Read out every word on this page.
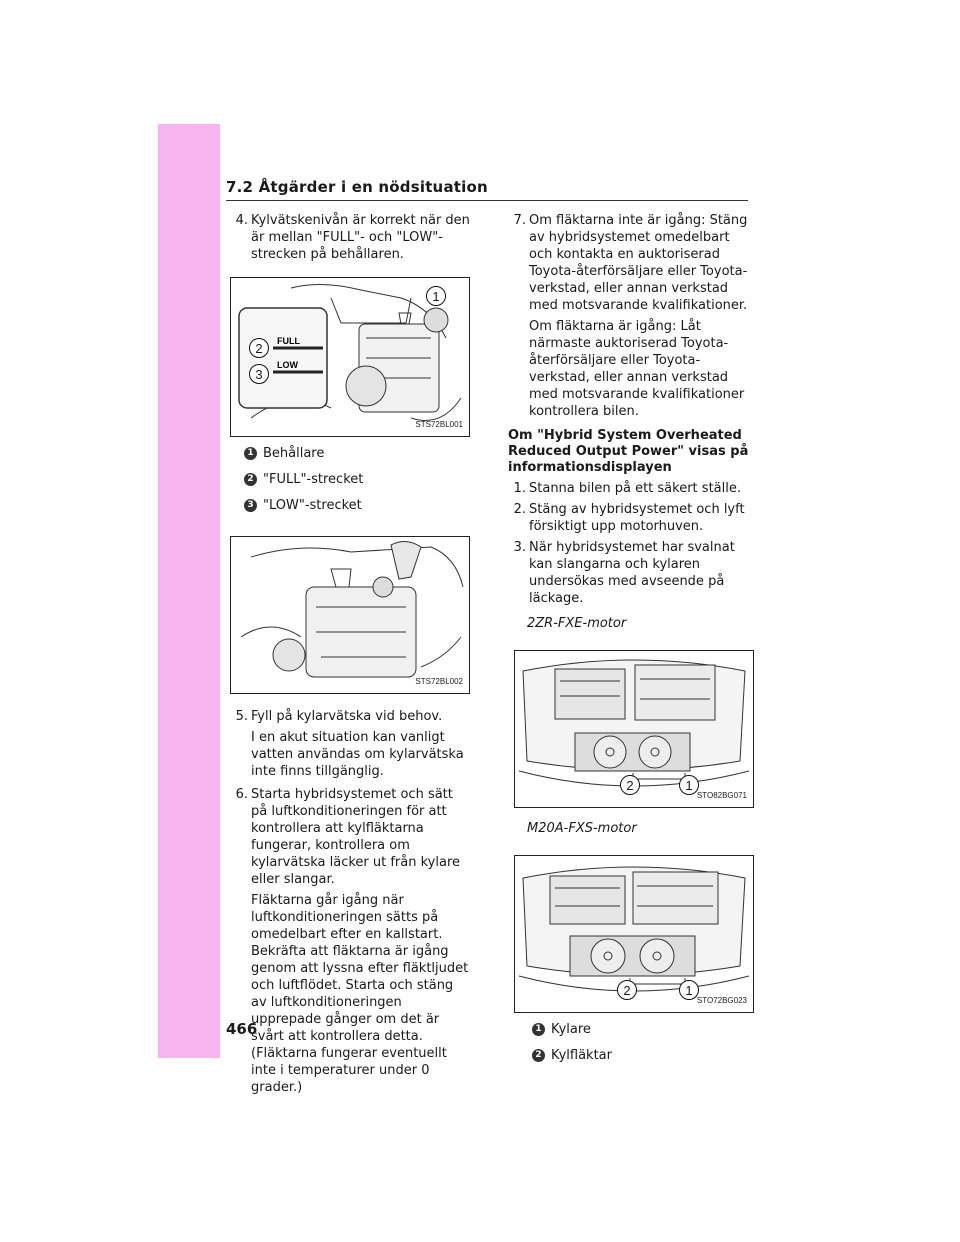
7.2 Åtgärder i en nödsituation
4. Kylvätskenivån är korrekt när den är mellan "FULL"- och "LOW"-strecken på behållaren.
FULL
LOW
1
2
3
STS72BL001
1 Behållare
2 "FULL"-strecket
3 "LOW"-strecket
STS72BL002
5. Fyll på kylarvätska vid behov.
I en akut situation kan vanligt vatten användas om kylarvätska inte finns tillgänglig.
6. Starta hybridsystemet och sätt på luftkonditioneringen för att kontrollera att kylfläktarna fungerar, kontrollera om kylarvätska läcker ut från kylare eller slangar.
Fläktarna går igång när luftkonditioneringen sätts på omedelbart efter en kallstart. Bekräfta att fläktarna är igång genom att lyssna efter fläktljudet och luftflödet. Starta och stäng av luftkonditioneringen upprepade gånger om det är svårt att kontrollera detta. (Fläktarna fungerar eventuellt inte i temperaturer under 0 grader.)
7. Om fläktarna inte är igång: Stäng av hybridsystemet omedelbart och kontakta en auktoriserad Toyota-återförsäljare eller Toyota-verkstad, eller annan verkstad med motsvarande kvalifikationer.
Om fläktarna är igång: Låt närmaste auktoriserad Toyota-återförsäljare eller Toyota-verkstad, eller annan verkstad med motsvarande kvalifikationer kontrollera bilen.
Om "Hybrid System Overheated Reduced Output Power" visas på informationsdisplayen
1. Stanna bilen på ett säkert ställe.
2. Stäng av hybridsystemet och lyft försiktigt upp motorhuven.
3. När hybridsystemet har svalnat kan slangarna och kylaren undersökas med avseende på läckage.
2ZR-FXE-motor
2	1
STO82BG071
M20A-FXS-motor
2	1
STO72BG023
1 Kylare
2 Kylfläktar
466
